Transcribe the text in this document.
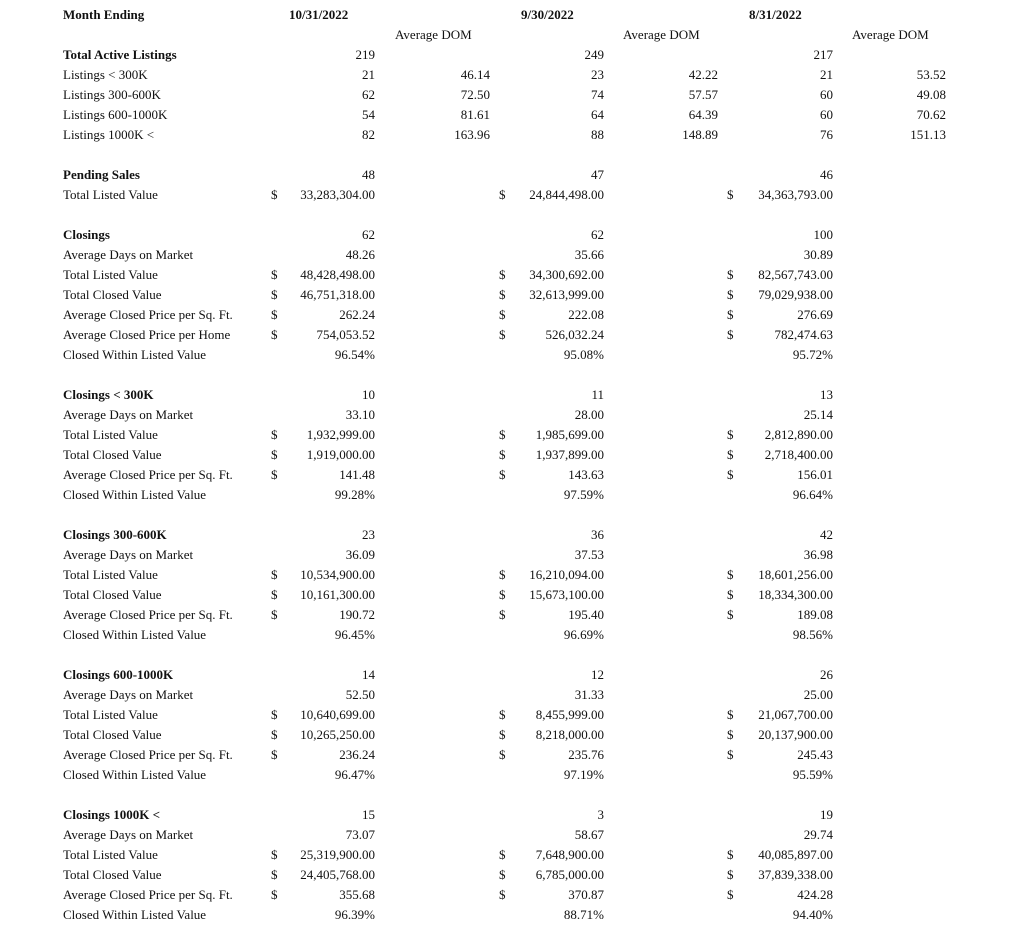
Month Ending	10/31/2022	9/30/2022	8/31/2022
Average DOM	Average DOM	Average DOM
Total Active Listings	219	249	217
Listings < 300K	21	46.14	23	42.22	21	53.52
Listings 300-600K	62	72.50	74	57.57	60	49.08
Listings 600-1000K	54	81.61	64	64.39	60	70.62
Listings 1000K <	82	163.96	88	148.89	76	151.13
Pending Sales	48	47	46
Total Listed Value	$ 33,283,304.00	$ 24,844,498.00	$ 34,363,793.00
Closings	62	62	100
Average Days on Market	48.26	35.66	30.89
Total Listed Value	$ 48,428,498.00	$ 34,300,692.00	$ 82,567,743.00
Total Closed Value	$ 46,751,318.00	$ 32,613,999.00	$ 79,029,938.00
Average Closed Price per Sq. Ft.	$	262.24	$	222.08	$	276.69
Average Closed Price per Home	$	754,053.52	$	526,032.24	$	782,474.63
Closed Within Listed Value	96.54%	95.08%	95.72%
Closings < 300K	10	11	13
Average Days on Market	33.10	28.00	25.14
Total Listed Value	$ 1,932,999.00	$ 1,985,699.00	$ 2,812,890.00
Total Closed Value	$ 1,919,000.00	$ 1,937,899.00	$ 2,718,400.00
Average Closed Price per Sq. Ft.	$	141.48	$	143.63	$	156.01
Closed Within Listed Value	99.28%	97.59%	96.64%
Closings 300-600K	23	36	42
Average Days on Market	36.09	37.53	36.98
Total Listed Value	$ 10,534,900.00	$ 16,210,094.00	$ 18,601,256.00
Total Closed Value	$ 10,161,300.00	$ 15,673,100.00	$ 18,334,300.00
Average Closed Price per Sq. Ft.	$	190.72	$	195.40	$	189.08
Closed Within Listed Value	96.45%	96.69%	98.56%
Closings 600-1000K	14	12	26
Average Days on Market	52.50	31.33	25.00
Total Listed Value	$ 10,640,699.00	$ 8,455,999.00	$ 21,067,700.00
Total Closed Value	$ 10,265,250.00	$ 8,218,000.00	$ 20,137,900.00
Average Closed Price per Sq. Ft.	$	236.24	$	235.76	$	245.43
Closed Within Listed Value	96.47%	97.19%	95.59%
Closings 1000K <	15	3	19
Average Days on Market	73.07	58.67	29.74
Total Listed Value	$ 25,319,900.00	$ 7,648,900.00	$ 40,085,897.00
Total Closed Value	$ 24,405,768.00	$ 6,785,000.00	$ 37,839,338.00
Average Closed Price per Sq. Ft.	$	355.68	$	370.87	$	424.28
Closed Within Listed Value	96.39%	88.71%	94.40%
